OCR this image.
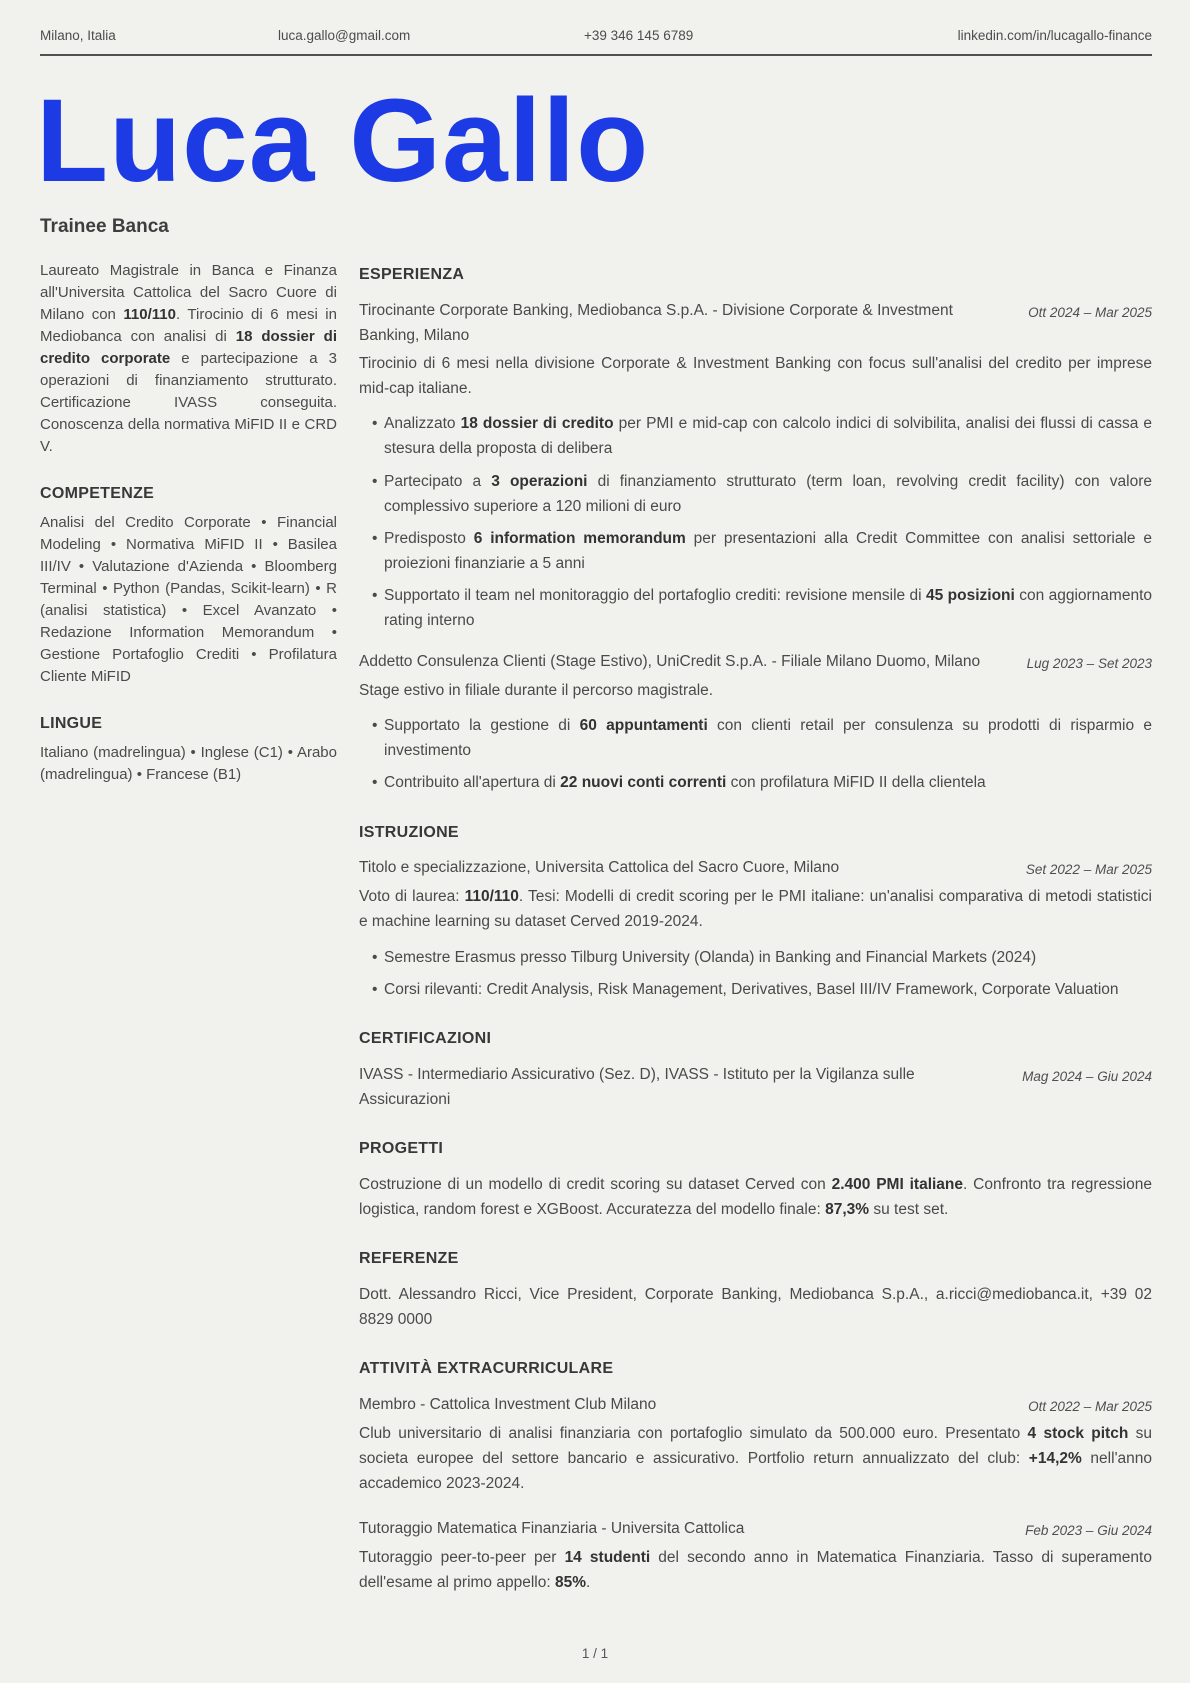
Milano, Italia	luca.gallo@gmail.com	+39 346 145 6789	linkedin.com/in/lucagallo-finance
Luca Gallo
Trainee Banca

Laureato Magistrale in Banca e Finanza all'Universita Cattolica del Sacro Cuore di Milano con 110/110. Tirocinio di 6 mesi in Mediobanca con analisi di 18 dossier di credito corporate e partecipazione a 3 operazioni di finanziamento strutturato. Certificazione IVASS conseguita. Conoscenza della normativa MiFID II e CRD V.

COMPETENZE

Analisi del Credito Corporate • Financial Modeling • Normativa MiFID II • Basilea III/IV • Valutazione d'Azienda • Bloomberg Terminal • Python (Pandas, Scikit-learn) • R (analisi statistica) • Excel Avanzato • Redazione Information Memorandum • Gestione Portafoglio Crediti • Profilatura Cliente MiFID

LINGUE

Italiano (madrelingua) • Inglese (C1) • Arabo (madrelingua) • Francese (B1)

ESPERIENZA
Tirocinante Corporate Banking, Mediobanca S.p.A. - Divisione Corporate & Investment Banking, Milano
Ott 2024 – Mar 2025

Tirocinio di 6 mesi nella divisione Corporate & Investment Banking con focus sull'analisi del credito per imprese mid-cap italiane.

• Analizzato 18 dossier di credito per PMI e mid-cap con calcolo indici di solvibilita, analisi dei flussi di cassa e stesura della proposta di delibera
• Partecipato a 3 operazioni di finanziamento strutturato (term loan, revolving credit facility) con valore complessivo superiore a 120 milioni di euro
• Predisposto 6 information memorandum per presentazioni alla Credit Committee con analisi settoriale e proiezioni finanziarie a 5 anni
• Supportato il team nel monitoraggio del portafoglio crediti: revisione mensile di 45 posizioni con aggiornamento rating interno
Addetto Consulenza Clienti (Stage Estivo), UniCredit S.p.A. - Filiale Milano Duomo, Milano	Lug 2023 – Set 2023

Stage estivo in filiale durante il percorso magistrale.

• Supportato la gestione di 60 appuntamenti con clienti retail per consulenza su prodotti di risparmio e investimento
• Contribuito all'apertura di 22 nuovi conti correnti con profilatura MiFID II della clientela
ISTRUZIONE
Titolo e specializzazione, Universita Cattolica del Sacro Cuore, Milano	Set 2022 – Mar 2025

Voto di laurea: 110/110. Tesi: Modelli di credit scoring per le PMI italiane: un'analisi comparativa di metodi statistici e machine learning su dataset Cerved 2019-2024.

• Semestre Erasmus presso Tilburg University (Olanda) in Banking and Financial Markets (2024)
• Corsi rilevanti: Credit Analysis, Risk Management, Derivatives, Basel III/IV Framework, Corporate Valuation
CERTIFICAZIONI
IVASS - Intermediario Assicurativo (Sez. D), IVASS - Istituto per la Vigilanza sulle Assicurazioni
Mag 2024 – Giu 2024
PROGETTI

Costruzione di un modello di credit scoring su dataset Cerved con 2.400 PMI italiane. Confronto tra regressione logistica, random forest e XGBoost. Accuratezza del modello finale: 87,3% su test set.

REFERENZE

Dott. Alessandro Ricci, Vice President, Corporate Banking, Mediobanca S.p.A., a.ricci@mediobanca.it, +39 02 8829 0000

ATTIVITÀ EXTRACURRICULARE
Membro - Cattolica Investment Club Milano	Ott 2022 – Mar 2025

Club universitario di analisi finanziaria con portafoglio simulato da 500.000 euro. Presentato 4 stock pitch su societa europee del settore bancario e assicurativo. Portfolio return annualizzato del club: +14,2% nell'anno accademico 2023-2024.

Tutoraggio Matematica Finanziaria - Universita Cattolica	Feb 2023 – Giu 2024

Tutoraggio peer-to-peer per 14 studenti del secondo anno in Matematica Finanziaria. Tasso di superamento dell'esame al primo appello: 85%.

1 / 1
